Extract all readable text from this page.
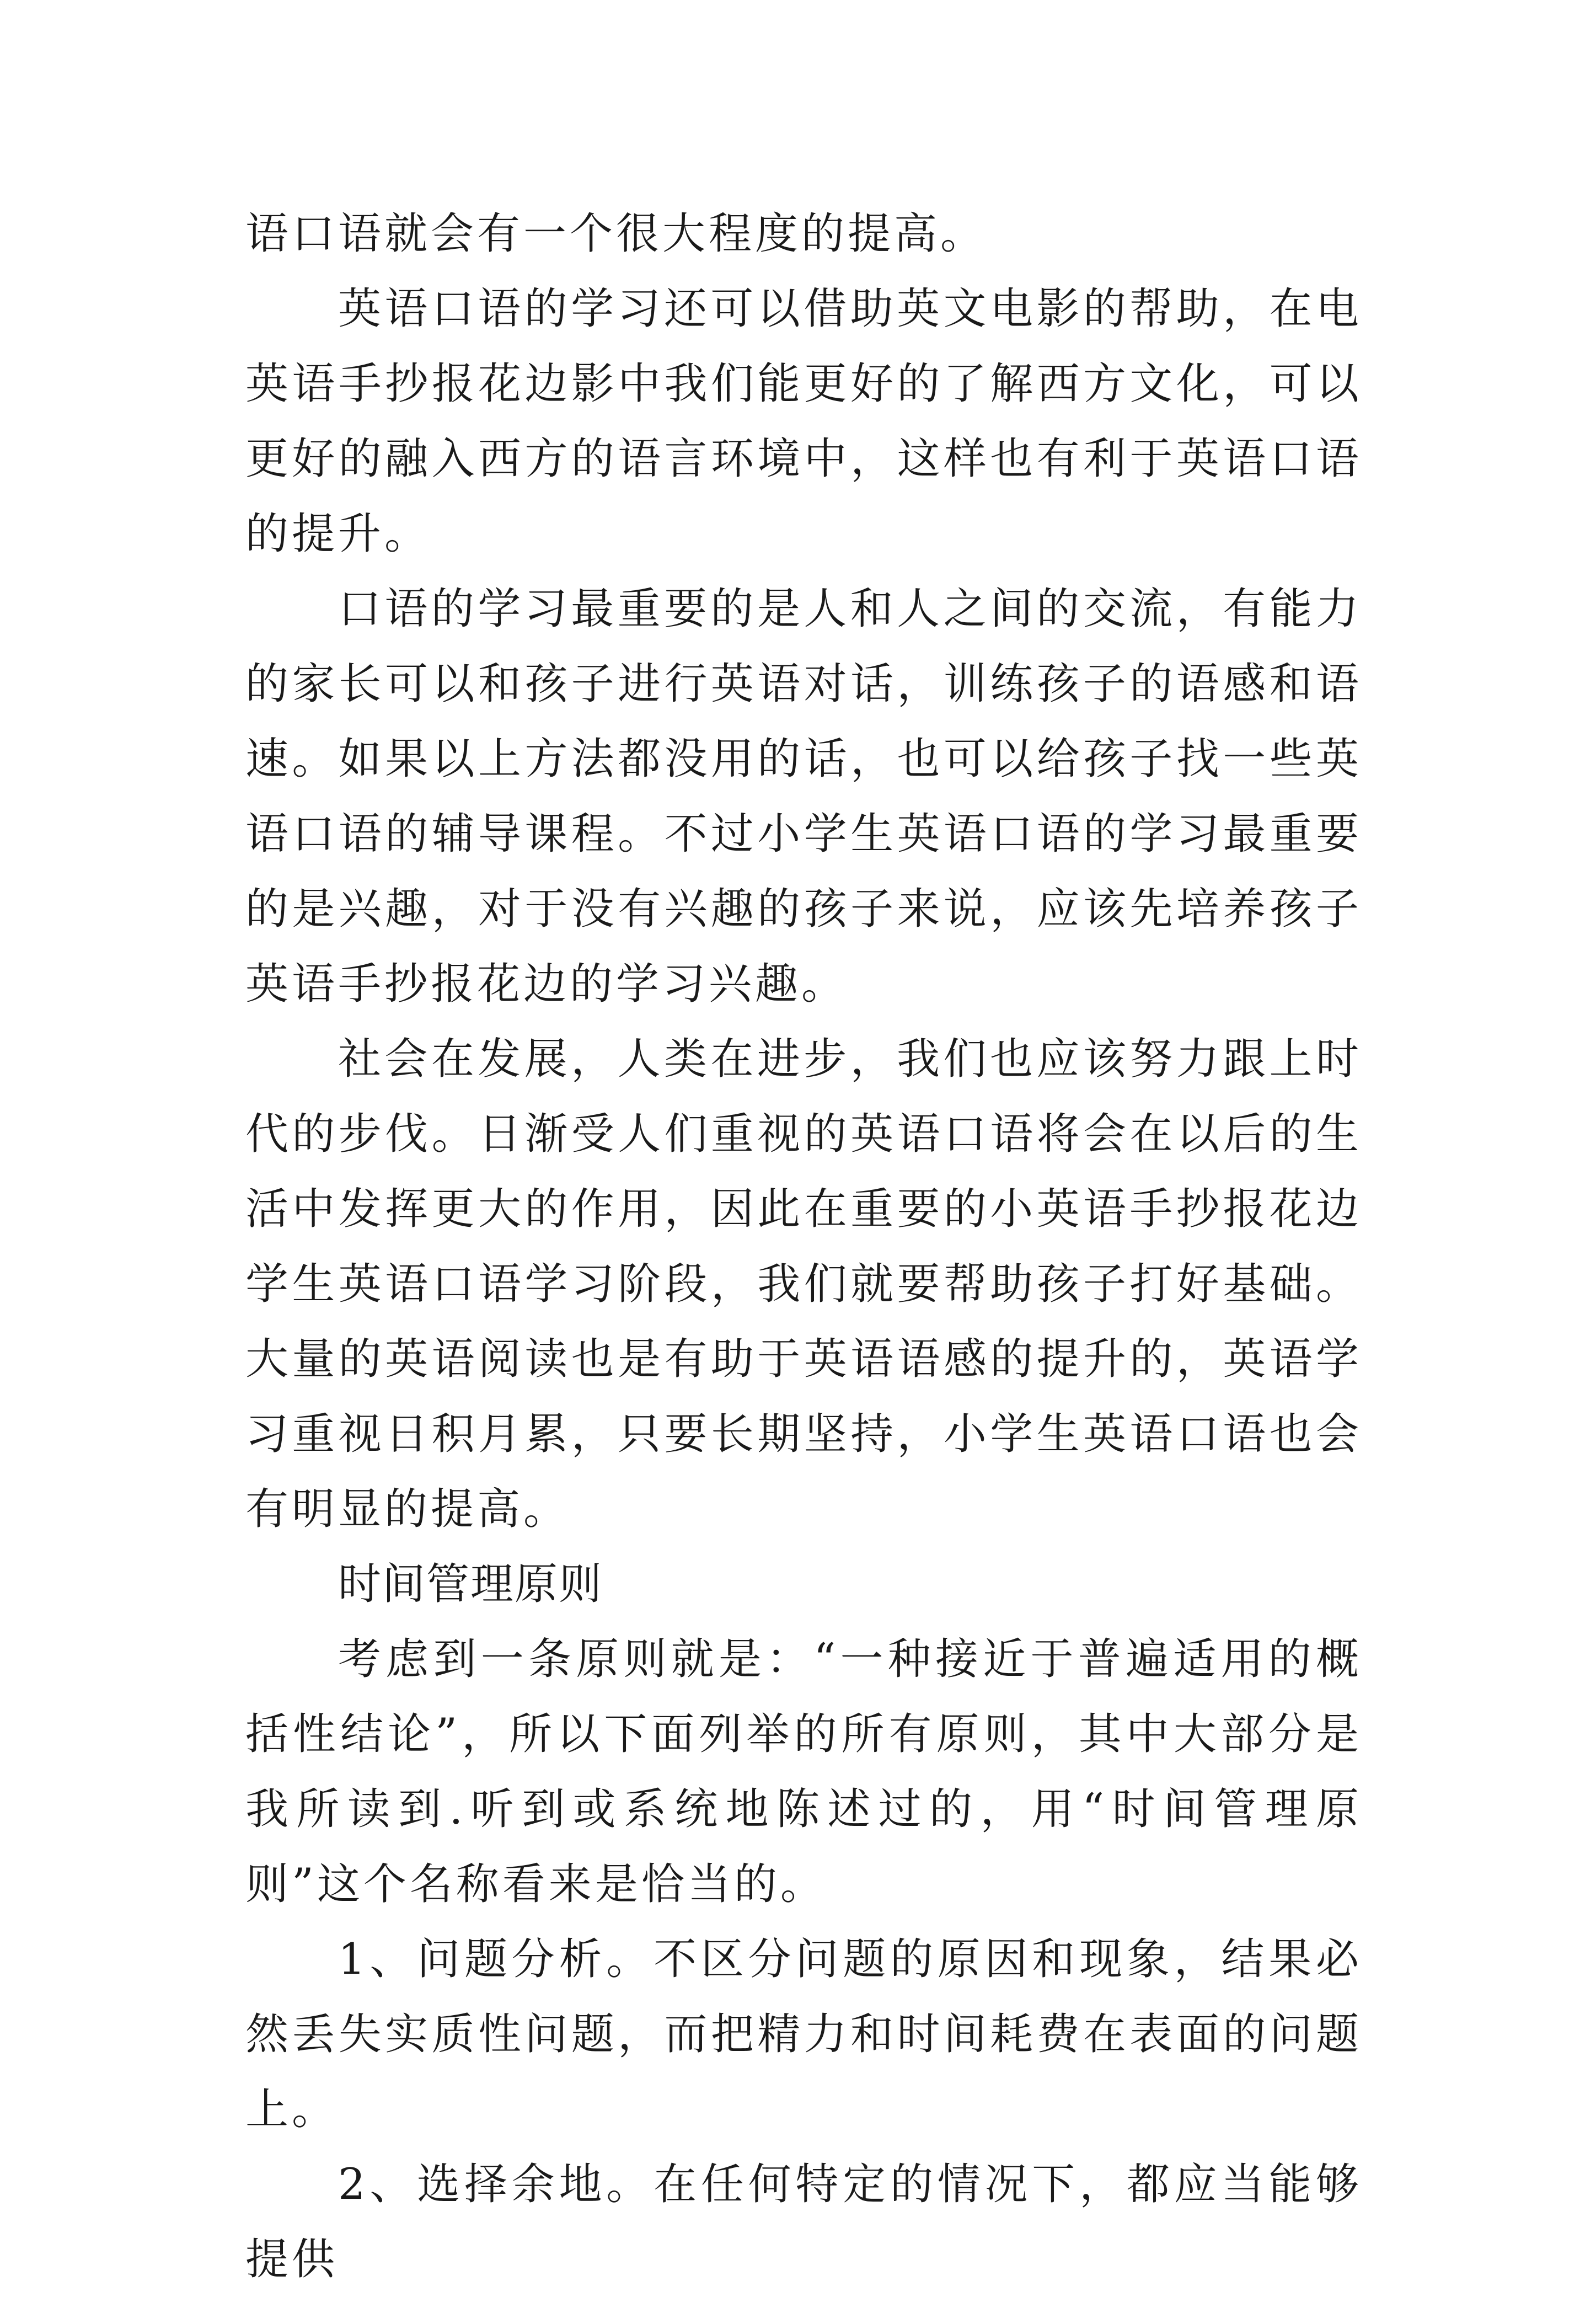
语口语就会有一个很大程度的提高。

英语口语的学习还可以借助英文电影的帮助，在电英语手抄报花边影中我们能更好的了解西方文化，可以更好的融入西方的语言环境中，这样也有利于英语口语的提升。

口语的学习最重要的是人和人之间的交流，有能力的家长可以和孩子进行英语对话，训练孩子的语感和语速。如果以上方法都没用的话，也可以给孩子找一些英语口语的辅导课程。不过小学生英语口语的学习最重要的是兴趣，对于没有兴趣的孩子来说，应该先培养孩子英语手抄报花边的学习兴趣。

社会在发展，人类在进步，我们也应该努力跟上时代的步伐。日渐受人们重视的英语口语将会在以后的生活中发挥更大的作用，因此在重要的小英语手抄报花边学生英语口语学习阶段，我们就要帮助孩子打好基础。大量的英语阅读也是有助于英语语感的提升的，英语学习重视日积月累，只要长期坚持，小学生英语口语也会有明显的提高。

时间管理原则

考虑到一条原则就是：“一种接近于普遍适用的概括性结论”，所以下面列举的所有原则，其中大部分是我所读到.听到或系统地陈述过的，用“时间管理原则”这个名称看来是恰当的。

1、问题分析。不区分问题的原因和现象，结果必然丢失实质性问题，而把精力和时间耗费在表面的问题上。

2、选择余地。在任何特定的情况下，都应当能够提供
